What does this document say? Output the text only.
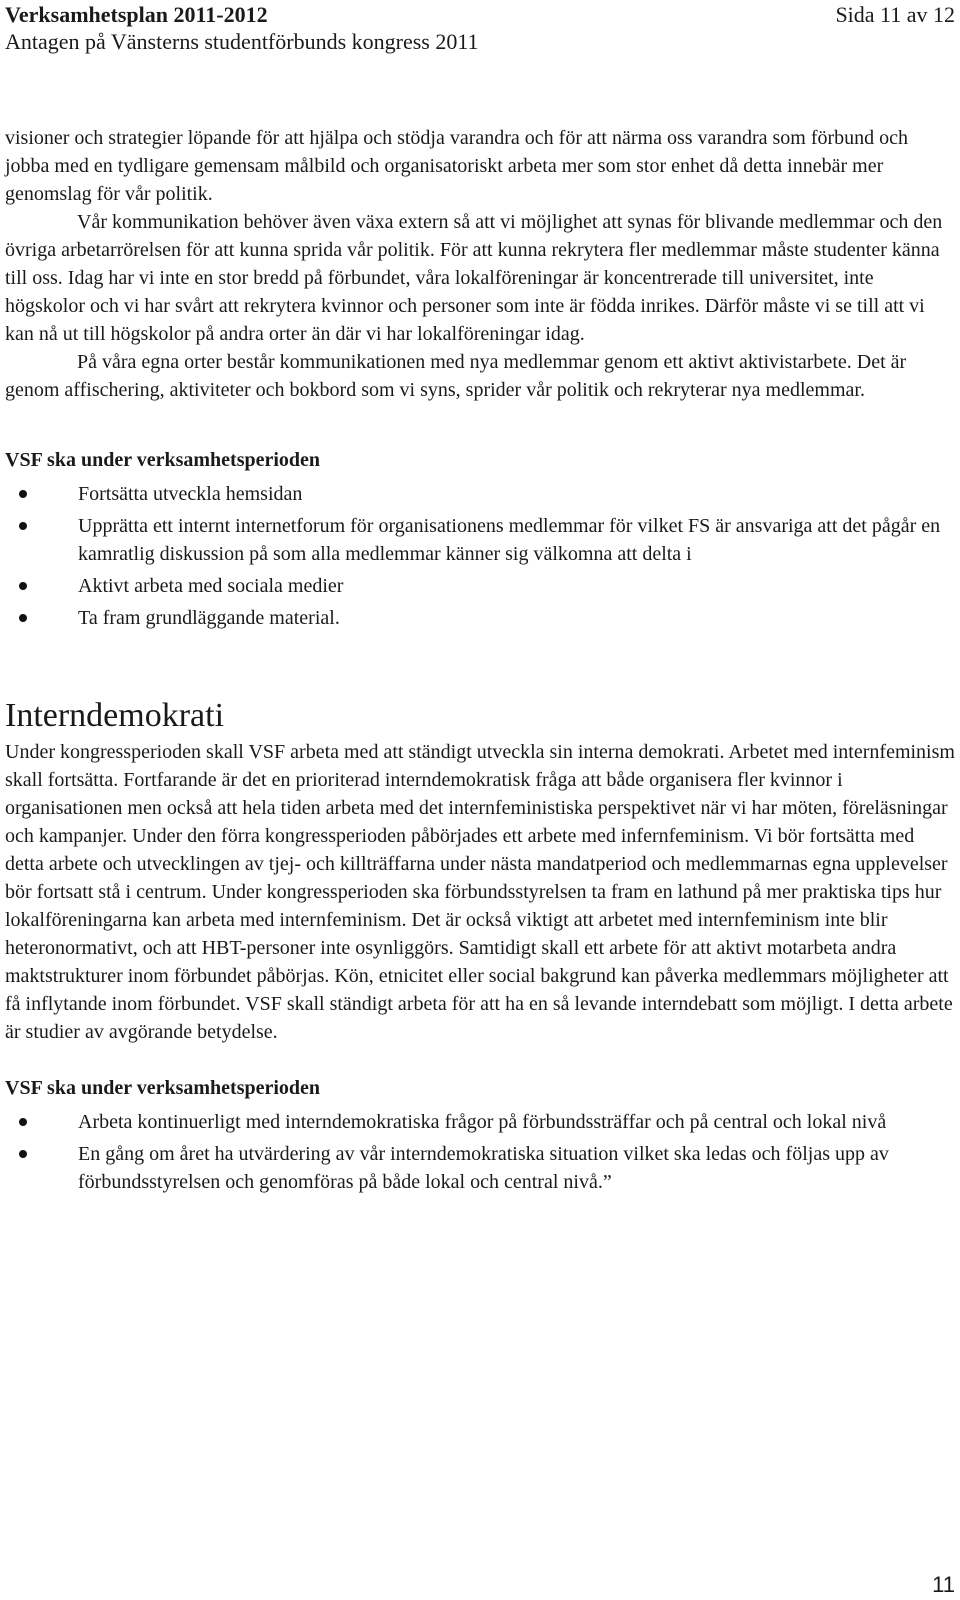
Verksamhetsplan 2011-2012	Sida 11 av 12
Antagen på Vänsterns studentförbunds kongress 2011

visioner och strategier löpande för att hjälpa och stödja varandra och för att närma oss varandra som förbund och jobba med en tydligare gemensam målbild och organisatoriskt arbeta mer som stor enhet då detta innebär mer genomslag för vår politik.

Vår kommunikation behöver även växa extern så att vi möjlighet att synas för blivande medlemmar och den övriga arbetarrörelsen för att kunna sprida vår politik. För att kunna rekrytera fler medlemmar måste studenter känna till oss. Idag har vi inte en stor bredd på förbundet, våra lokalföreningar är koncentrerade till universitet, inte högskolor och vi har svårt att rekrytera kvinnor och personer som inte är födda inrikes. Därför måste vi se till att vi kan nå ut till högskolor på andra orter än där vi har lokalföreningar idag.

På våra egna orter består kommunikationen med nya medlemmar genom ett aktivt aktivistarbete. Det är genom affischering, aktiviteter och bokbord som vi syns, sprider vår politik och rekryterar nya medlemmar.

VSF ska under verksamhetsperioden

Fortsätta utveckla hemsidan
Upprätta ett internt internetforum för organisationens medlemmar för vilket FS är ansvariga att det pågår en kamratlig diskussion på som alla medlemmar känner sig välkomna att delta i
Aktivt arbeta med sociala medier
Ta fram grundläggande material.
Interndemokrati

Under kongressperioden skall VSF arbeta med att ständigt utveckla sin interna demokrati. Arbetet med internfeminism skall fortsätta. Fortfarande är det en prioriterad interndemokratisk fråga att både organisera fler kvinnor i organisationen men också att hela tiden arbeta med det internfeministiska perspektivet när vi har möten, föreläsningar och kampanjer. Under den förra kongressperioden påbörjades ett arbete med infernfeminism. Vi bör fortsätta med detta arbete och utvecklingen av tjej- och killträffarna under nästa mandatperiod och medlemmarnas egna upplevelser bör fortsatt stå i centrum. Under kongressperioden ska förbundsstyrelsen ta fram en lathund på mer praktiska tips hur lokalföreningarna kan arbeta med internfeminism. Det är också viktigt att arbetet med internfeminism inte blir heteronormativt, och att HBT-personer inte osynliggörs. Samtidigt skall ett arbete för att aktivt motarbeta andra maktstrukturer inom förbundet påbörjas. Kön, etnicitet eller social bakgrund kan påverka medlemmars möjligheter att få inflytande inom förbundet. VSF skall ständigt arbeta för att ha en så levande interndebatt som möjligt. I detta arbete är studier av avgörande betydelse.

VSF ska under verksamhetsperioden

Arbeta kontinuerligt med interndemokratiska frågor på förbundssträffar och på central och lokal nivå
En gång om året ha utvärdering av vår interndemokratiska situation vilket ska ledas och följas upp av förbundsstyrelsen och genomföras på både lokal och central nivå.”
11
